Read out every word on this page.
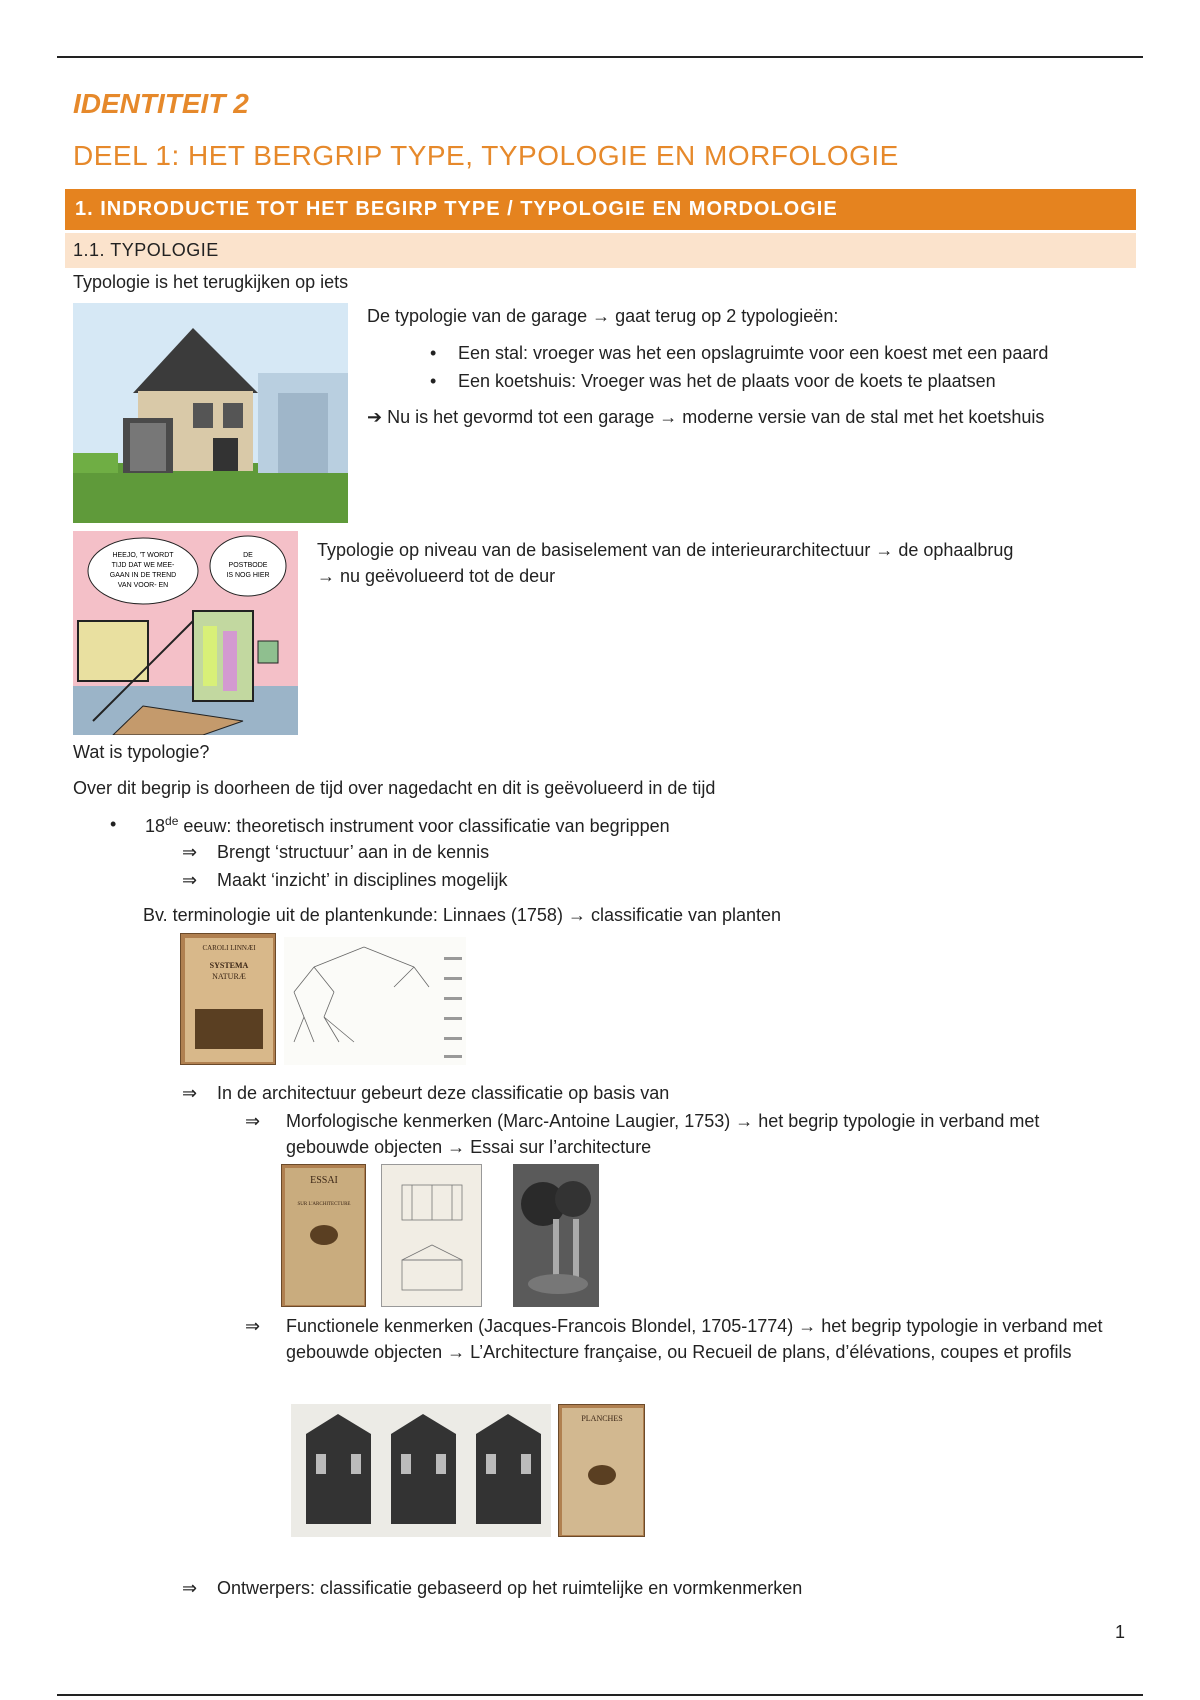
IDENTITEIT 2
DEEL 1: HET BERGRIP TYPE, TYPOLOGIE EN MORFOLOGIE
1. INDRODUCTIE TOT HET BEGIRP TYPE / TYPOLOGIE EN MORDOLOGIE
1.1. TYPOLOGIE
Typologie is het terugkijken op iets
De typologie van de garage → gaat terug op 2 typologieën:
• Een stal: vroeger was het een opslagruimte voor een koest met een paard
• Een koetshuis: Vroeger was het de plaats voor de koets te plaatsen
➔ Nu is het gevormd tot een garage → moderne versie van de stal met het koetshuis
HEEJO, 'T WORDT
TIJD DAT WE MEE-
GAAN IN DE TREND
VAN VOOR- EN
DE
POSTBODE
IS NOG HIER
Typologie op niveau van de basiselement van de interieurarchitectuur → de ophaalbrug
→ nu geëvolueerd tot de deur
Wat is typologie?
Over dit begrip is doorheen de tijd over nagedacht en dit is geëvolueerd in de tijd
• 18de eeuw: theoretisch instrument voor classificatie van begrippen
⇒ Brengt ‘structuur’ aan in de kennis
⇒ Maakt ‘inzicht’ in disciplines mogelijk
Bv. terminologie uit de plantenkunde: Linnaes (1758) → classificatie van planten
CAROLI LINNÆI
SYSTEMA
NATURÆ
⇒ In de architectuur gebeurt deze classificatie op basis van
⇒ Morfologische kenmerken (Marc-Antoine Laugier, 1753) → het begrip typologie in verband met gebouwde objecten → Essai sur l’architecture
ESSAI
SUR L'ARCHITECTURE
⇒ Functionele kenmerken (Jacques-Francois Blondel, 1705-1774) → het begrip typologie in verband met gebouwde objecten → L’Architecture française, ou Recueil de plans, d’élévations, coupes et profils
PLANCHES
⇒ Ontwerpers: classificatie gebaseerd op het ruimtelijke en vormkenmerken
1
